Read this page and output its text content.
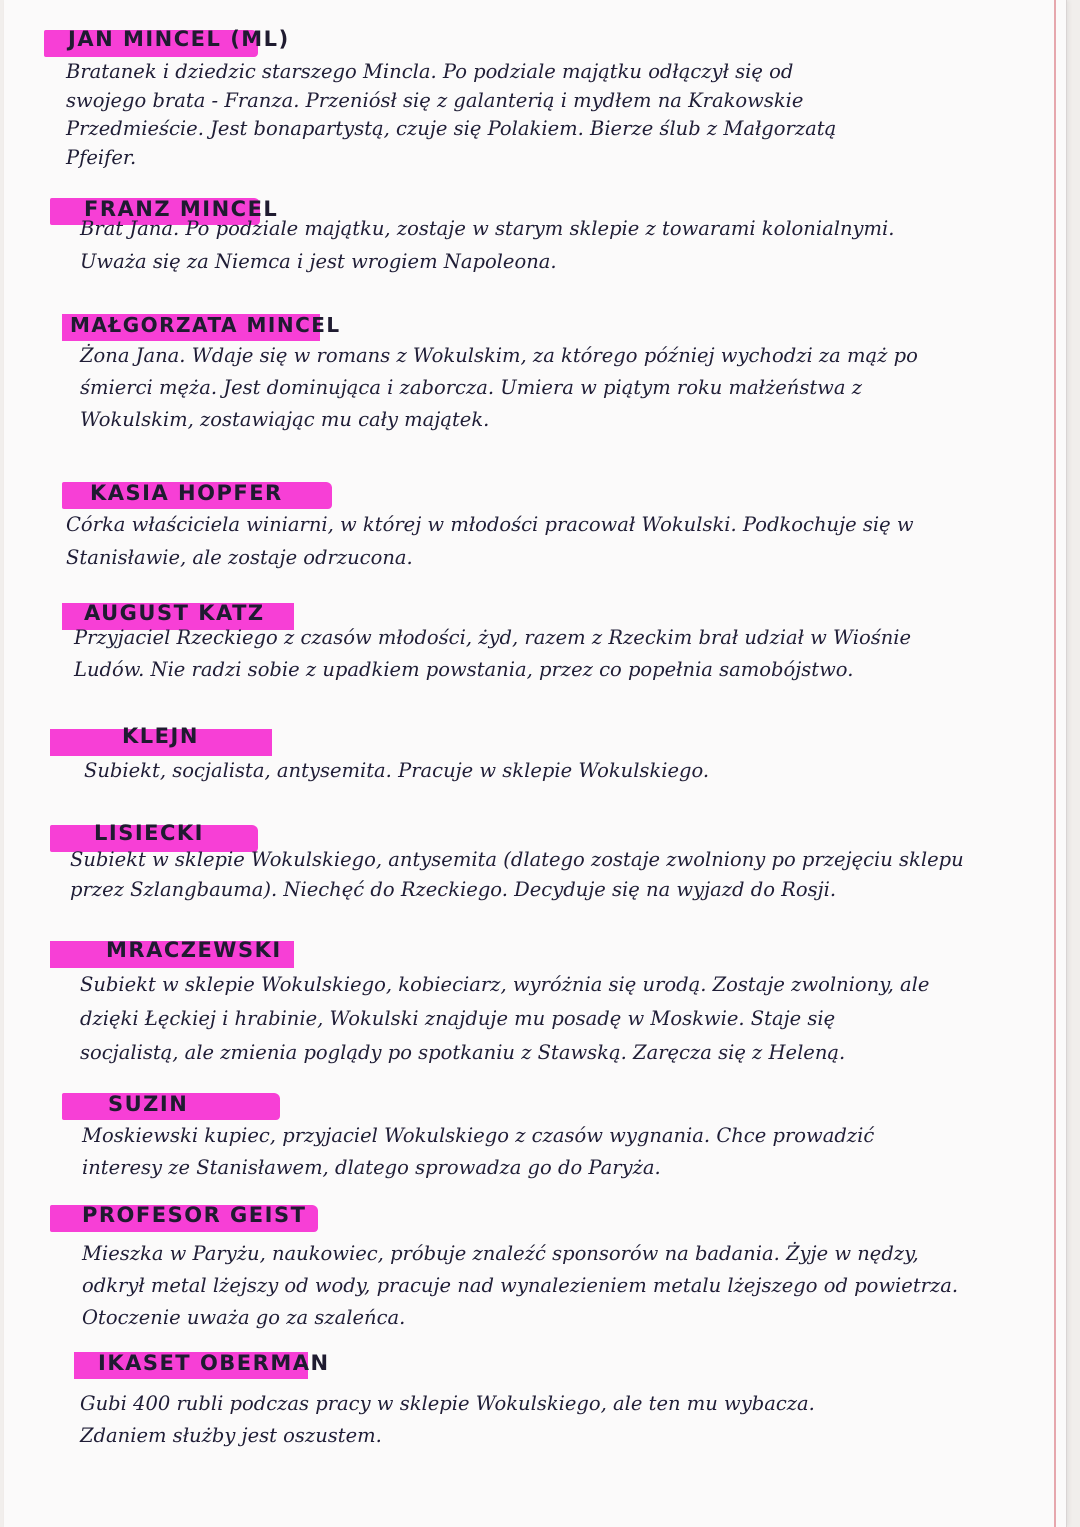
JAN MINCEL (ML)
Bratanek i dziedzic starszego Mincla. Po podziale majątku odłączył się od
swojego brata - Franza. Przeniósł się z galanterią i mydłem na Krakowskie
Przedmieście. Jest bonapartystą, czuje się Polakiem. Bierze ślub z Małgorzatą
Pfeifer.
FRANZ MINCEL
Brat Jana. Po podziale majątku, zostaje w starym sklepie z towarami kolonialnymi.
Uważa się za Niemca i jest wrogiem Napoleona.
MAŁGORZATA MINCEL
Żona Jana. Wdaje się w romans z Wokulskim, za którego później wychodzi za mąż po
śmierci męża. Jest dominująca i zaborcza. Umiera w piątym roku małżeństwa z
Wokulskim, zostawiając mu cały majątek.
KASIA HOPFER
Córka właściciela winiarni, w której w młodości pracował Wokulski. Podkochuje się w
Stanisławie, ale zostaje odrzucona.
AUGUST KATZ
Przyjaciel Rzeckiego z czasów młodości, żyd, razem z Rzeckim brał udział w Wiośnie
Ludów. Nie radzi sobie z upadkiem powstania, przez co popełnia samobójstwo.
KLEJN
Subiekt, socjalista, antysemita. Pracuje w sklepie Wokulskiego.
LISIECKI
Subiekt w sklepie Wokulskiego, antysemita (dlatego zostaje zwolniony po przejęciu sklepu
przez Szlangbauma). Niechęć do Rzeckiego. Decyduje się na wyjazd do Rosji.
MRACZEWSKI
Subiekt w sklepie Wokulskiego, kobieciarz, wyróżnia się urodą. Zostaje zwolniony, ale
dzięki Łęckiej i hrabinie, Wokulski znajduje mu posadę w Moskwie. Staje się
socjalistą, ale zmienia poglądy po spotkaniu z Stawską. Zaręcza się z Heleną.
SUZIN
Moskiewski kupiec, przyjaciel Wokulskiego z czasów wygnania. Chce prowadzić
interesy ze Stanisławem, dlatego sprowadza go do Paryża.
PROFESOR GEIST
Mieszka w Paryżu, naukowiec, próbuje znaleźć sponsorów na badania. Żyje w nędzy,
odkrył metal lżejszy od wody, pracuje nad wynalezieniem metalu lżejszego od powietrza.
Otoczenie uważa go za szaleńca.
IKASET OBERMAN
Gubi 400 rubli podczas pracy w sklepie Wokulskiego, ale ten mu wybacza.
Zdaniem służby jest oszustem.
